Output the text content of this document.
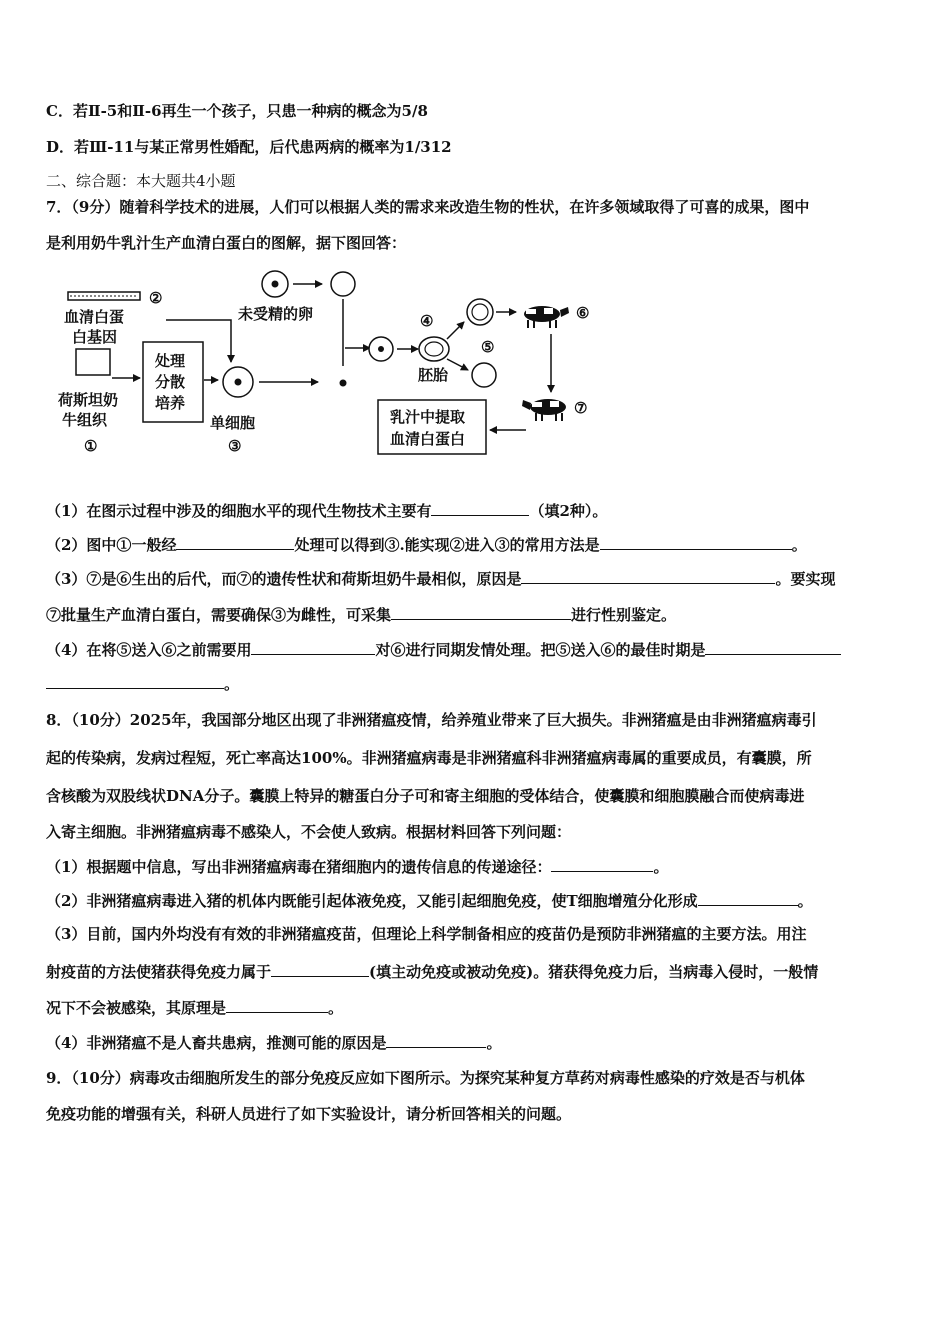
C．若Ⅱ-5和Ⅱ-6再生一个孩子，只患一种病的概念为5/8
D．若Ⅲ-11与某正常男性婚配，后代患两病的概率为1/312
二、综合题：本大题共4小题
7．（9分）随着科学技术的进展，人们可以根据人类的需求来改造生物的性状，在许多领域取得了可喜的成果，图中
是利用奶牛乳汁生产血清白蛋白的图解，据下图回答：
②
血清白蛋
白基因
荷斯坦奶
牛组织
①
处理
分散
培养
单细胞
③
未受精的卵	④
胚胎
⑤
⑥
⑦
乳汁中提取
血清白蛋白
（1）在图示过程中涉及的细胞水平的现代生物技术主要有	（填2种）。
（2）图中①一般经	处理可以得到③.能实现②进入③的常用方法是	。
（3）⑦是⑥生出的后代，而⑦的遗传性状和荷斯坦奶牛最相似，原因是	。要实现
⑦批量生产血清白蛋白，需要确保③为雌性，可采集	进行性别鉴定。
（4）在将⑤送入⑥之前需要用	对⑥进行同期发情处理。把⑤送入⑥的最佳时期是
。
8．（10分）2025年，我国部分地区出现了非洲猪瘟疫情，给养殖业带来了巨大损失。非洲猪瘟是由非洲猪瘟病毒引
起的传染病，发病过程短，死亡率高达100%。非洲猪瘟病毒是非洲猪瘟科非洲猪瘟病毒属的重要成员，有囊膜，所
含核酸为双股线状DNA分子。囊膜上特异的糖蛋白分子可和寄主细胞的受体结合，使囊膜和细胞膜融合而使病毒进
入寄主细胞。非洲猪瘟病毒不感染人，不会使人致病。根据材料回答下列问题：
（1）根据题中信息，写出非洲猪瘟病毒在猪细胞内的遗传信息的传递途径：	。
（2）非洲猪瘟病毒进入猪的机体内既能引起体液免疫，又能引起细胞免疫，使T细胞增殖分化形成	。
（3）目前，国内外均没有有效的非洲猪瘟疫苗，但理论上科学制备相应的疫苗仍是预防非洲猪瘟的主要方法。用注
射疫苗的方法使猪获得免疫力属于	(填主动免疫或被动免疫)。猪获得免疫力后，当病毒入侵时，一般情
况下不会被感染，其原理是	。
（4）非洲猪瘟不是人畜共患病，推测可能的原因是	。
9．（10分）病毒攻击细胞所发生的部分免疫反应如下图所示。为探究某种复方草药对病毒性感染的疗效是否与机体
免疫功能的增强有关，科研人员进行了如下实验设计，请分析回答相关的问题。
